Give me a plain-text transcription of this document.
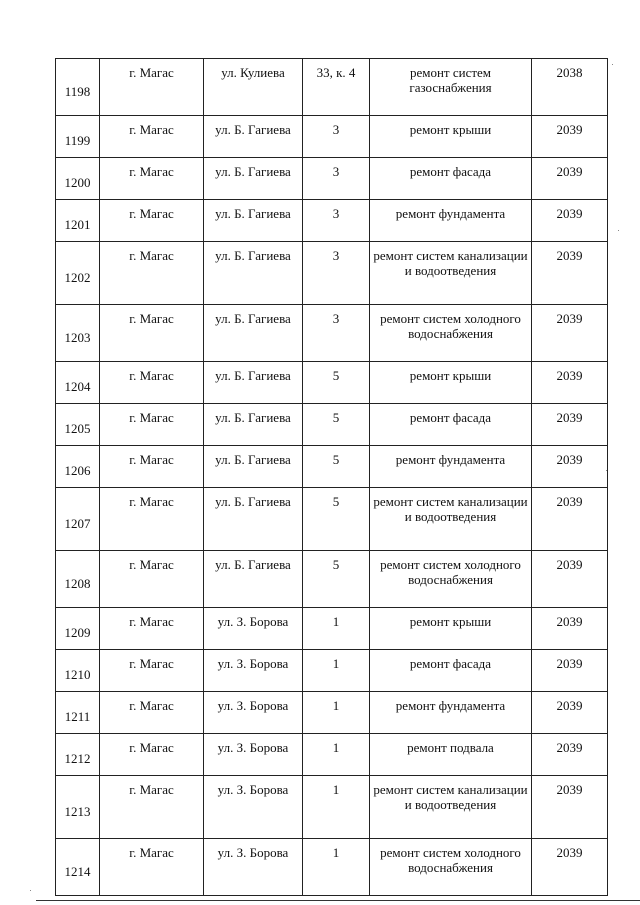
1198	г. Магас	ул. Кулиева	33, к. 4	ремонт систем газоснабжения	2038
1199	г. Магас	ул. Б. Гагиева	3	ремонт крыши	2039
1200	г. Магас	ул. Б. Гагиева	3	ремонт фасада	2039
1201	г. Магас	ул. Б. Гагиева	3	ремонт фундамента	2039
1202	г. Магас	ул. Б. Гагиева	3	ремонт систем канализации и водоотведения	2039
1203	г. Магас	ул. Б. Гагиева	3	ремонт систем холодного водоснабжения	2039
1204	г. Магас	ул. Б. Гагиева	5	ремонт крыши	2039
1205	г. Магас	ул. Б. Гагиева	5	ремонт фасада	2039
1206	г. Магас	ул. Б. Гагиева	5	ремонт фундамента	2039
1207	г. Магас	ул. Б. Гагиева	5	ремонт систем канализации и водоотведения	2039
1208	г. Магас	ул. Б. Гагиева	5	ремонт систем холодного водоснабжения	2039
1209	г. Магас	ул. З. Борова	1	ремонт крыши	2039
1210	г. Магас	ул. З. Борова	1	ремонт фасада	2039
1211	г. Магас	ул. З. Борова	1	ремонт фундамента	2039
1212	г. Магас	ул. З. Борова	1	ремонт подвала	2039
1213	г. Магас	ул. З. Борова	1	ремонт систем канализации и водоотведения	2039
1214	г. Магас	ул. З. Борова	1	ремонт систем холодного водоснабжения	2039
